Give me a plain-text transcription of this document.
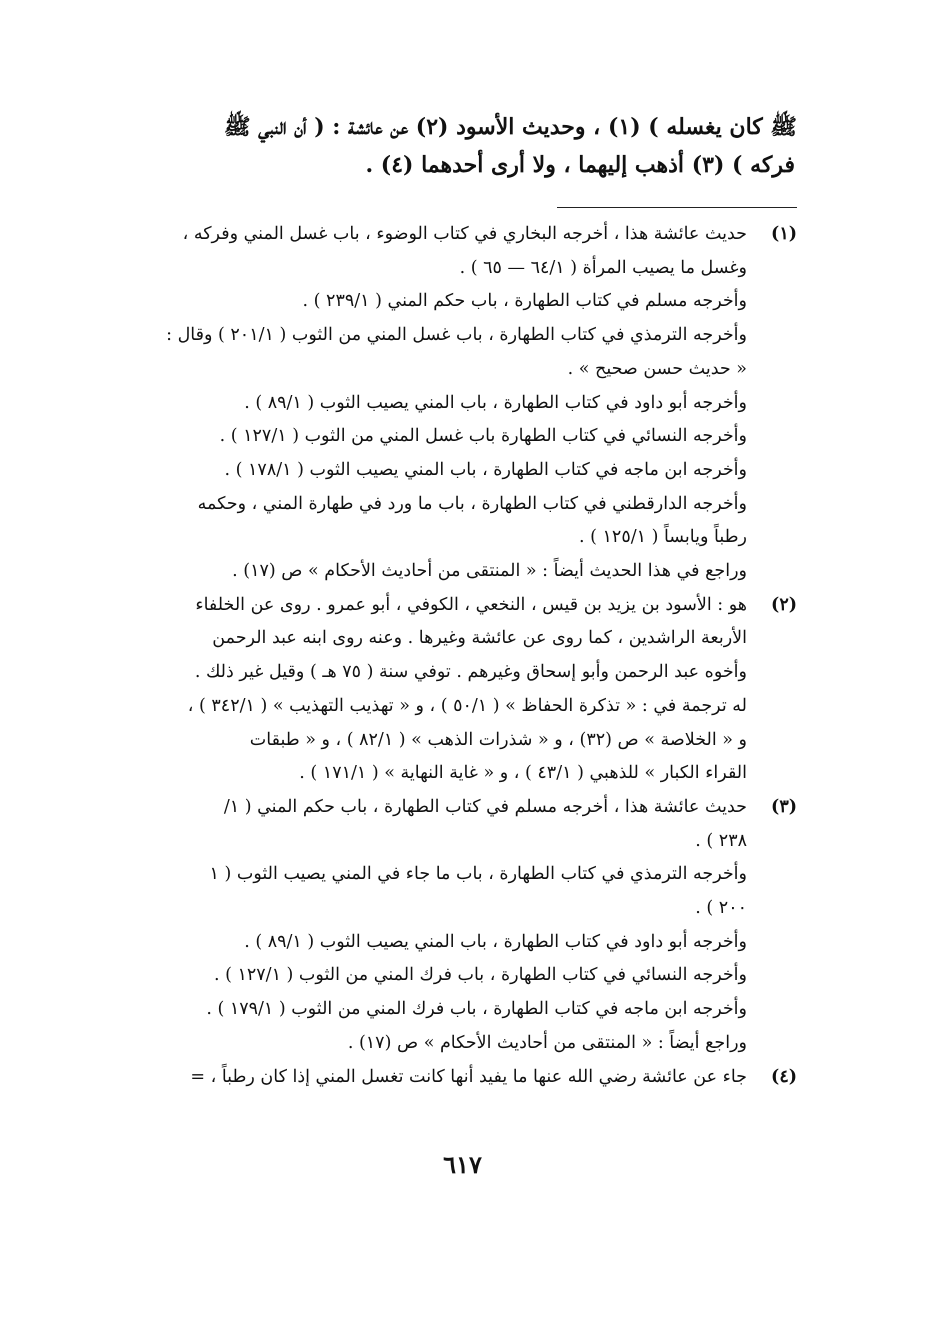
ﷺ كان يغسله ) (١) ، وحديث الأسود (٢) عن عائشة : ( أن النبي ﷺ
فركه ) (٣) أذهب إليهما ، ولا أرى أحدهما (٤) .
(١)
حديث عائشة هذا ، أخرجه البخاري في كتاب الوضوء ، باب غسل المني وفركه ،
وغسل ما يصيب المرأة ( ٦٤/١ — ٦٥ ) .
وأخرجه مسلم في كتاب الطهارة ، باب حكم المني ( ٢٣٩/١ ) .
وأخرجه الترمذي في كتاب الطهارة ، باب غسل المني من الثوب ( ٢٠١/١ ) وقال :
« حديث حسن صحيح » .
وأخرجه أبو داود في كتاب الطهارة ، باب المني يصيب الثوب ( ٨٩/١ ) .
وأخرجه النسائي في كتاب الطهارة باب غسل المني من الثوب ( ١٢٧/١ ) .
وأخرجه ابن ماجه في كتاب الطهارة ، باب المني يصيب الثوب ( ١٧٨/١ ) .
وأخرجه الدارقطني في كتاب الطهارة ، باب ما ورد في طهارة المني ، وحكمه
رطباً ويابساً ( ١٢٥/١ ) .
وراجع في هذا الحديث أيضاً : « المنتقى من أحاديث الأحكام » ص (١٧) .
(٢)
هو : الأسود بن يزيد بن قيس ، النخعي ، الكوفي ، أبو عمرو . روى عن الخلفاء
الأربعة الراشدين ، كما روى عن عائشة وغيرها . وعنه روى ابنه عبد الرحمن
وأخوه عبد الرحمن وأبو إسحاق وغيرهم . توفي سنة ( ٧٥ هـ ) وقيل غير ذلك .
له ترجمة في : « تذكرة الحفاظ » ( ٥٠/١ ) ، و « تهذيب التهذيب » ( ٣٤٢/١ ) ،
و « الخلاصة » ص (٣٢) ، و « شذرات الذهب » ( ٨٢/١ ) ، و « طبقات
القراء الكبار » للذهبي ( ٤٣/١ ) ، و « غاية النهاية » ( ١٧١/١ ) .
(٣)
حديث عائشة هذا ، أخرجه مسلم في كتاب الطهارة ، باب حكم المني ( ١/
٢٣٨ ) .
وأخرجه الترمذي في كتاب الطهارة ، باب ما جاء في المني يصيب الثوب ( ١
٢٠٠ ) .
وأخرجه أبو داود في كتاب الطهارة ، باب المني يصيب الثوب ( ٨٩/١ ) .
وأخرجه النسائي في كتاب الطهارة ، باب فرك المني من الثوب ( ١٢٧/١ ) .
وأخرجه ابن ماجه في كتاب الطهارة ، باب فرك المني من الثوب ( ١٧٩/١ ) .
وراجع أيضاً : « المنتقى من أحاديث الأحكام » ص (١٧) .
(٤)
جاء عن عائشة رضي الله عنها ما يفيد أنها كانت تغسل المني إذا كان رطباً ، =
٦١٧
